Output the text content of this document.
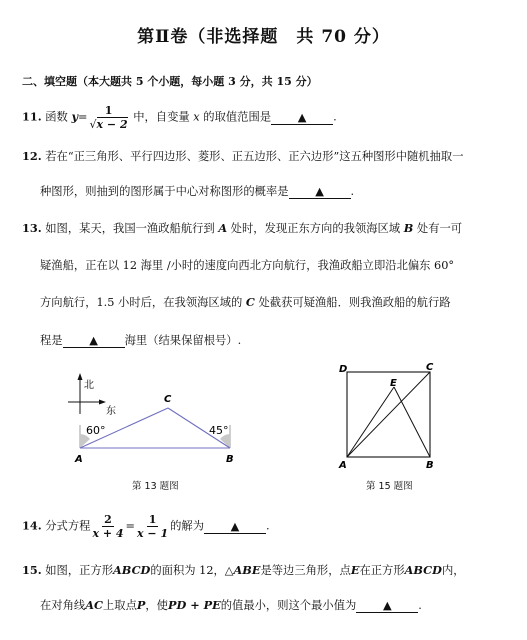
第Ⅱ卷（非选择题　共 70 分）
二、填空题（本大题共 5 个小题，每小题 3 分，共 15 分）
11. 函数 $y= \frac{1}{√x - 2}$ 中，自变量 x 的取值范围是 ▲ .
12. 若在“正三角形、平行四边形、菱形、正五边形、正六边形”这五种图形中随机抽取一
种图形，则抽到的图形属于中心对称图形的概率是 ▲ .
13. 如图，某天，我国一渔政船航行到 A 处时，发现正东方向的我领海区域 B 处有一可
疑渔船，正在以 12 海里 /小时的速度向西北方向航行，我渔政船立即沿北偏东 60°
方向航行，1.5 小时后，在我领海区域的 C 处截获可疑渔船．则我渔政船的航行路
程是 ▲ 海里（结果保留根号）.
北
东
60°	45°
A	B
C
第 13 题图
D	C
E
A	B
第 15 题图
14. 分式方程 $\frac{2}{x + 4} = \frac{1}{x - 1}$ 的解为 ▲ .
15. 如图，正方形ABCD的面积为 12，△ABE是等边三角形，点E在正方形ABCD内，
在对角线AC上取点P，使PD + PE的值最小，则这个最小值为 ▲ .
